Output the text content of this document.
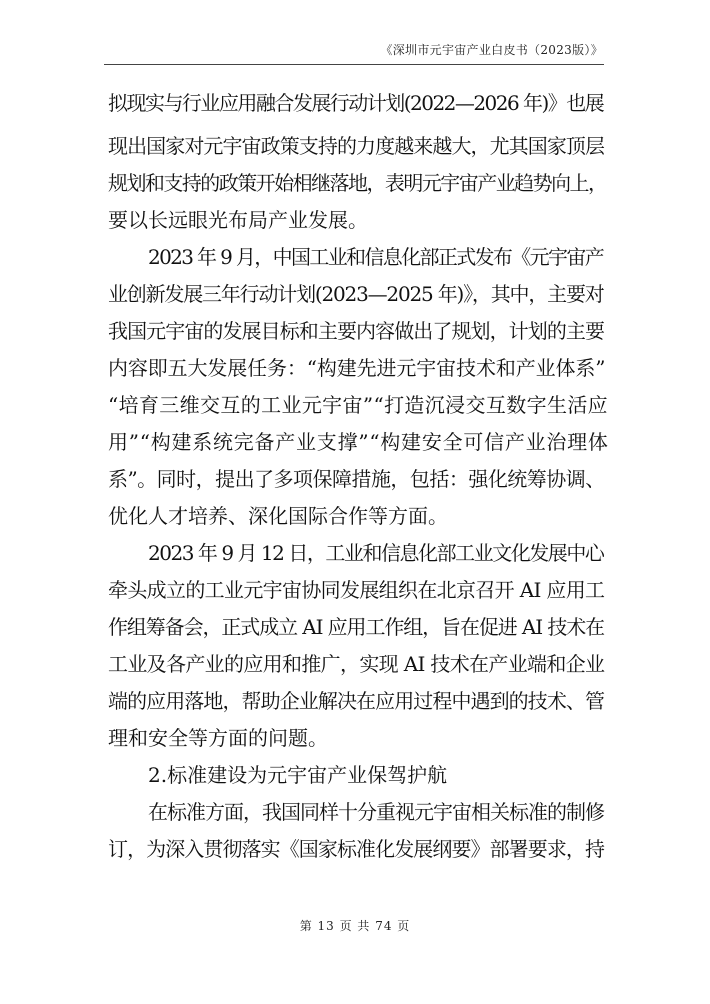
《深圳市元宇宙产业白皮书（2023版）》
拟现实与行业应用融合发展行动计划(2022—2026 年)》也展
现出国家对元宇宙政策支持的力度越来越大，尤其国家顶层
规划和支持的政策开始相继落地，表明元宇宙产业趋势向上，
要以长远眼光布局产业发展。
2023 年 9 月，中国工业和信息化部正式发布《元宇宙产
业创新发展三年行动计划(2023—2025 年)》，其中，主要对
我国元宇宙的发展目标和主要内容做出了规划，计划的主要
内容即五大发展任务：“构建先进元宇宙技术和产业体系”
“培育三维交互的工业元宇宙”“打造沉浸交互数字生活应
用”“构建系统完备产业支撑”“构建安全可信产业治理体
系”。同时，提出了多项保障措施，包括：强化统筹协调、
优化人才培养、深化国际合作等方面。
2023 年 9 月 12 日，工业和信息化部工业文化发展中心
牵头成立的工业元宇宙协同发展组织在北京召开 AI 应用工
作组筹备会，正式成立 AI 应用工作组，旨在促进 AI 技术在
工业及各产业的应用和推广，实现 AI 技术在产业端和企业
端的应用落地，帮助企业解决在应用过程中遇到的技术、管
理和安全等方面的问题。
2.标准建设为元宇宙产业保驾护航
在标准方面，我国同样十分重视元宇宙相关标准的制修
订，为深入贯彻落实《国家标准化发展纲要》部署要求，持
第 13 页 共 74 页
